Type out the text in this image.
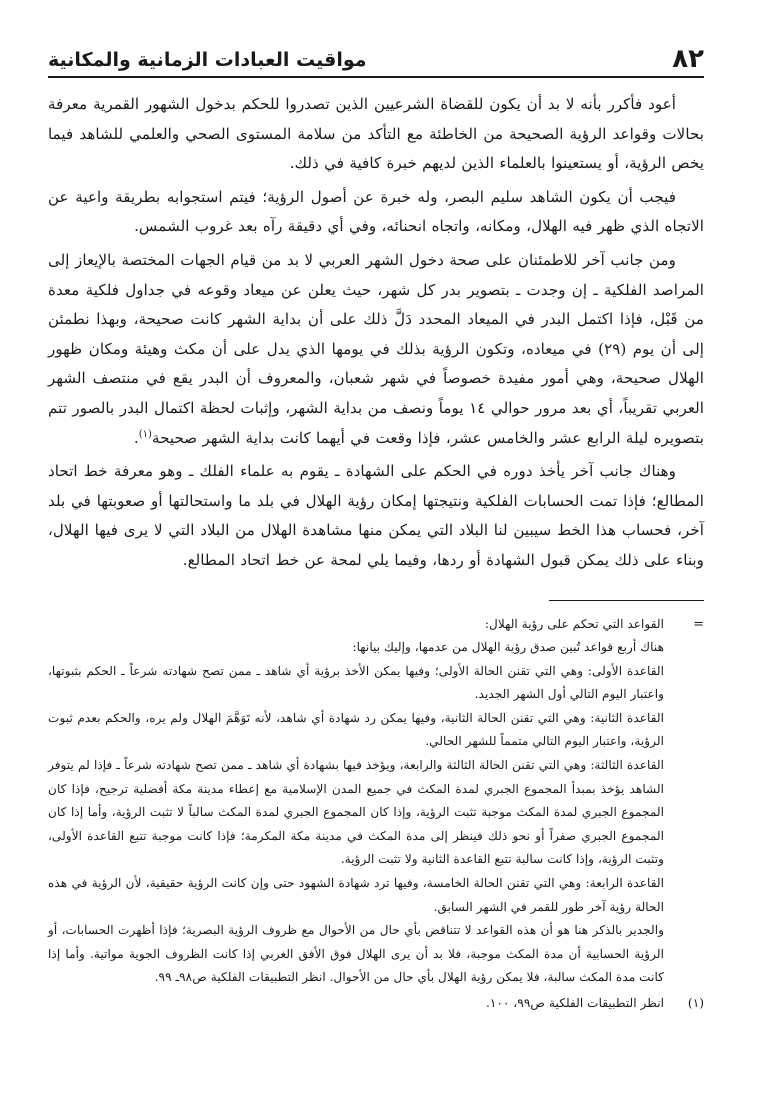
٨٢
مواقيت العبادات الزمانية والمكانية

أعود فأكرر بأنه لا بد أن يكون للقضاة الشرعيين الذين تصدروا للحكم بدخول الشهور القمرية معرفة بحالات وقواعد الرؤية الصحيحة من الخاطئة مع التأكد من سلامة المستوى الصحي والعلمي للشاهد فيما يخص الرؤية، أو يستعينوا بالعلماء الذين لديهم خبرة كافية في ذلك.

فيجب أن يكون الشاهد سليم البصر، وله خبرة عن أصول الرؤية؛ فيتم استجوابه بطريقة واعية عن الاتجاه الذي ظهر فيه الهلال، ومكانه، واتجاه انحنائه، وفي أي دقيقة رآه بعد غروب الشمس.

ومن جانب آخر للاطمئنان على صحة دخول الشهر العربي لا بد من قيام الجهات المختصة بالإيعاز إلى المراصد الفلكية ـ إن وجدت ـ بتصوير بدر كل شهر، حيث يعلن عن ميعاد وقوعه في جداول فلكية معدة من قَبْل، فإذا اكتمل البدر في الميعاد المحدد دَلَّ ذلك على أن بداية الشهر كانت صحيحة، وبهذا نطمئن إلى أن يوم (٢٩) في ميعاده، وتكون الرؤية بذلك في يومها الذي يدل على أن مكث وهيئة ومكان ظهور الهلال صحيحة، وهي أمور مفيدة خصوصاً في شهر شعبان، والمعروف أن البدر يقع في منتصف الشهر العربي تقريباً، أي بعد مرور حوالي ١٤ يوماً ونصف من بداية الشهر، وإثبات لحظة اكتمال البدر بالصور تتم بتصويره ليلة الرابع عشر والخامس عشر، فإذا وقعت في أيهما كانت بداية الشهر صحيحة$^{(١)}$.

وهناك جانب آخر يأخذ دوره في الحكم على الشهادة ـ يقوم به علماء الفلك ـ وهو معرفة خط اتحاد المطالع؛ فإذا تمت الحسابات الفلكية ونتيجتها إمكان رؤية الهلال في بلد ما واستحالتها أو صعوبتها في بلد آخر، فحساب هذا الخط سيبين لنا البلاد التي يمكن منها مشاهدة الهلال من البلاد التي لا يرى فيها الهلال، وبناء على ذلك يمكن قبول الشهادة أو ردها، وفيما يلي لمحة عن خط اتحاد المطالع.

=

القواعد التي تحكم على رؤية الهلال:

هناك أربع قواعد تُبين صدق رؤية الهلال من عدمها، وإليك بيانها:

القاعدة الأولى: وهي التي تقنن الحالة الأولى؛ وفيها يمكن الأخذ برؤية أي شاهد ـ ممن تصح شهادته شرعاً ـ الحكم بثبوتها، واعتبار اليوم التالي أول الشهر الجديد.

القاعدة الثانية: وهي التي تقنن الحالة الثانية، وفيها يمكن رد شهادة أي شاهد، لأنه تَوَهَّمَ الهلال ولم يره، والحكم بعدم ثبوت الرؤية، واعتبار اليوم التالي متمماً للشهر الحالي.

القاعدة الثالثة: وهي التي تقنن الحالة الثالثة والرابعة، ويؤخذ فيها بشهادة أي شاهد ـ ممن تصح شهادته شرعاً ـ فإذا لم يتوفر الشاهد يؤخذ بمبدأ المجموع الجبري لمدة المكث في جميع المدن الإسلامية مع إعطاء مدينة مكة أفضلية ترجيح، فإذا كان المجموع الجبري لمدة المكث موجبة تثبت الرؤية، وإذا كان المجموع الجبري لمدة المكث سالباً لا تثبت الرؤية، وأما إذا كان المجموع الجبري صفراً أو نحو ذلك فينظر إلى مدة المكث في مدينة مكة المكرمة؛ فإذا كانت موجبة تتبع القاعدة الأولى، وتثبت الرؤية، وإذا كانت سالبة تتبع القاعدة الثانية ولا تثبت الرؤية.

القاعدة الرابعة: وهي التي تقنن الحالة الخامسة، وفيها ترد شهادة الشهود حتى وإن كانت الرؤية حقيقية، لأن الرؤية في هذه الحالة رؤية آخر طور للقمر في الشهر السابق.

والجدير بالذكر هنا هو أن هذه القواعد لا تتناقض بأي حال من الأحوال مع ظروف الرؤية البصرية؛ فإذا أظهرت الحسابات، أو الرؤية الحسابية أن مدة المكث موجبة، فلا بد أن يرى الهلال فوق الأفق الغربي إذا كانت الظروف الجوية مواتية. وأما إذا كانت مدة المكث سالبة، فلا يمكن رؤية الهلال بأي حال من الأحوال. انظر التطبيقات الفلكية ص٩٨ـ ٩٩.

(١)
انظر التطبيقات الفلكية ص٩٩، ١٠٠.
